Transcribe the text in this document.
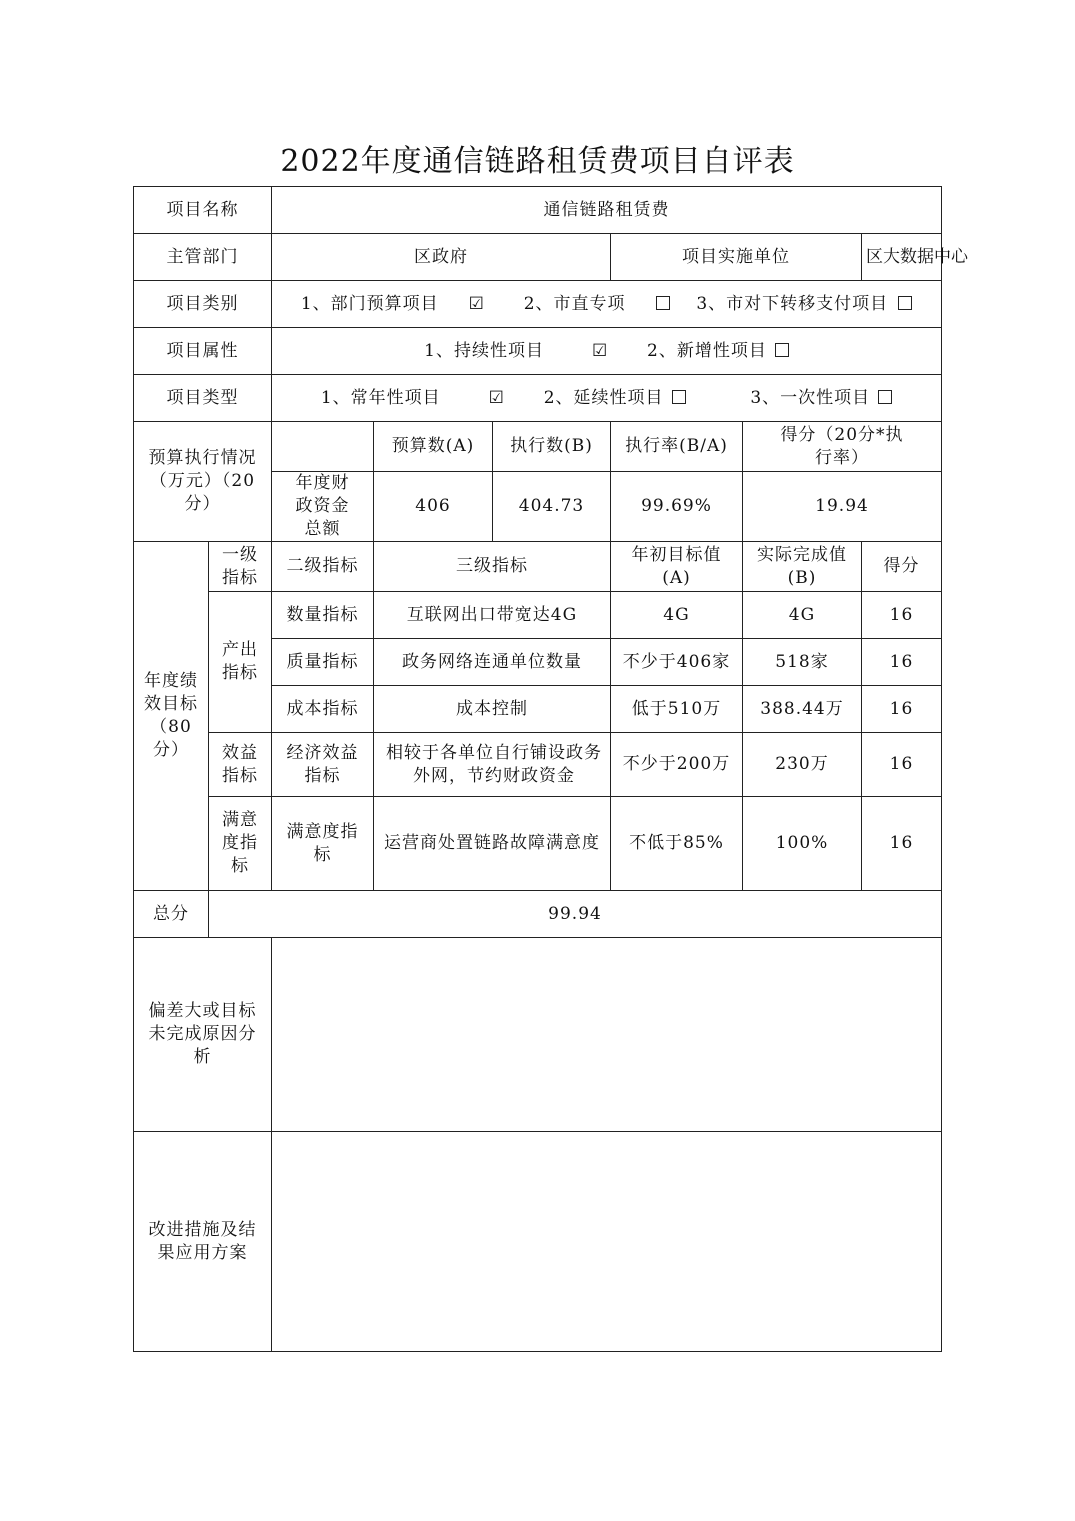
2022年度通信链路租赁费项目自评表
项目名称		通信链路租赁费					
主管部门		区政府			项目实施单位		区大数据中心
项目类别		1、部门预算项目 ☑ 2、市直专项 3、市对下转移支付项目					
项目属性		1、持续性项目 ☑ 2、新增性项目					
项目类型		1、常年性项目 ☑ 2、延续性项目 3、一次性项目					
预算执行情况（万元）（20分）			预算数(A)	执行数(B)	执行率(B/A)	得分（20分*执行率）	
		年度财政资金总额	406	404.73	99.69%	19.94	
年度绩效目标（80分）	一级指标	二级指标	三级指标		年初目标值(A)	实际完成值(B)	得分
	产出指标	数量指标	互联网出口带宽达4G		4G	4G	16
		质量指标	政务网络连通单位数量		不少于406家	518家	16
		成本指标	成本控制		低于510万	388.44万	16
	效益指标	经济效益指标	相较于各单位自行铺设政务外网，节约财政资金		不少于200万	230万	16
	满意度指标	满意度指标	运营商处置链路故障满意度		不低于85%	100%	16
总分	99.94						
偏差大或目标未完成原因分析							
改进措施及结果应用方案							
